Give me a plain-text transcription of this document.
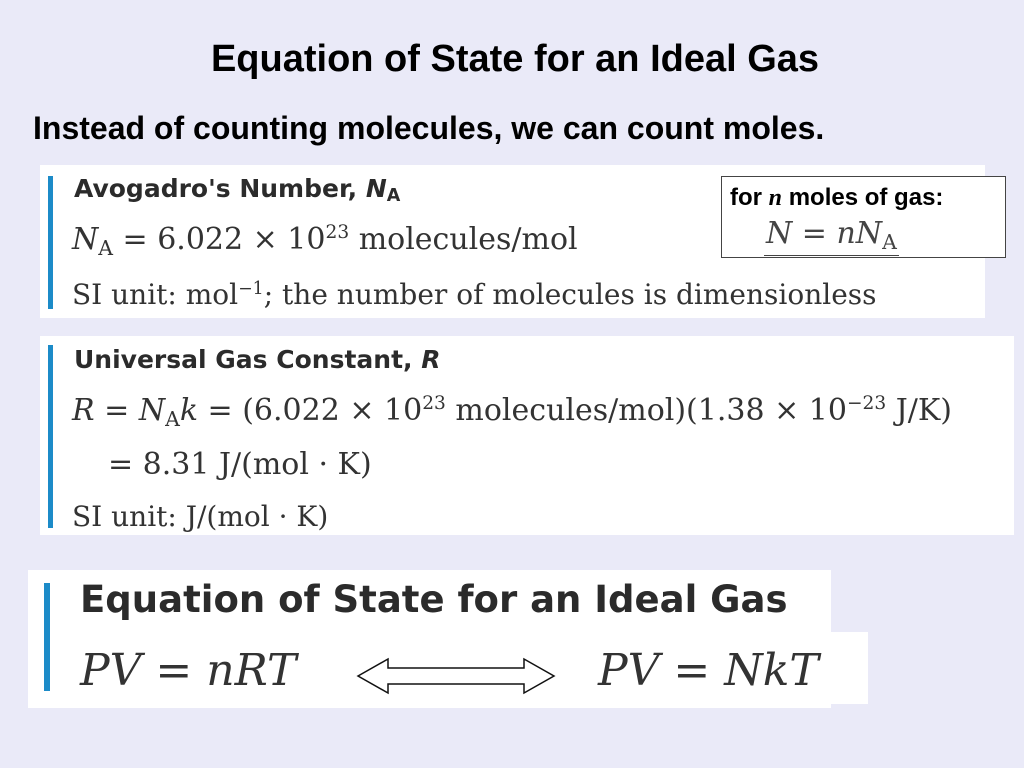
Equation of State for an Ideal Gas
Instead of counting molecules, we can count moles.
Avogadro's Number, $N_A$
$N_A = 6.022 \times 10^{23}$ molecules/mol
SI unit: mol$^{-1}$; the number of molecules is dimensionless
for n moles of gas:
$N = nN_A$
Universal Gas Constant, R
$R = N_Ak = (6.022 \times 10^{23}$ molecules/mol)(1.38 × $10^{-23}$ J/K)
= 8.31 J/(mol · K)
SI unit: J/(mol · K)
Equation of State for an Ideal Gas
PV = nRT	PV = NkT
